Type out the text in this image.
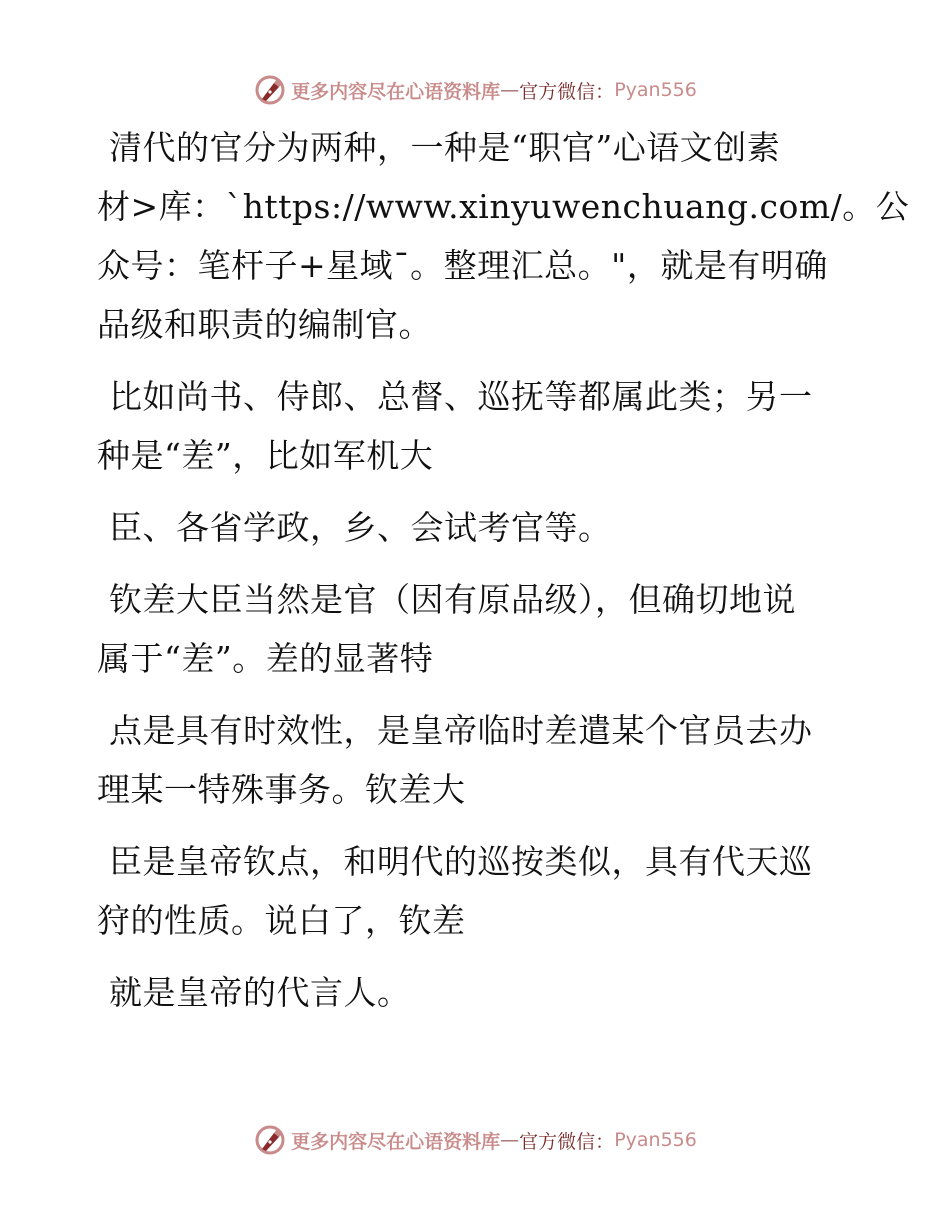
更多内容尽在心语资料库 — 官方微信： Pyan556

清代的官分为两种，一种是“职官”心语文创素
材>库：`https://www.xinyuwenchuang.com/。公
众号：笔杆子+星域¯。整理汇总。"，就是有明确
品级和职责的编制官。

比如尚书、侍郎、总督、巡抚等都属此类；另一
种是“差”，比如军机大

臣、各省学政，乡、会试考官等。

钦差大臣当然是官（因有原品级），但确切地说
属于“差”。差的显著特

点是具有时效性，是皇帝临时差遣某个官员去办
理某一特殊事务。钦差大

臣是皇帝钦点，和明代的巡按类似，具有代天巡
狩的性质。说白了，钦差

就是皇帝的代言人。

更多内容尽在心语资料库 — 官方微信： Pyan556
